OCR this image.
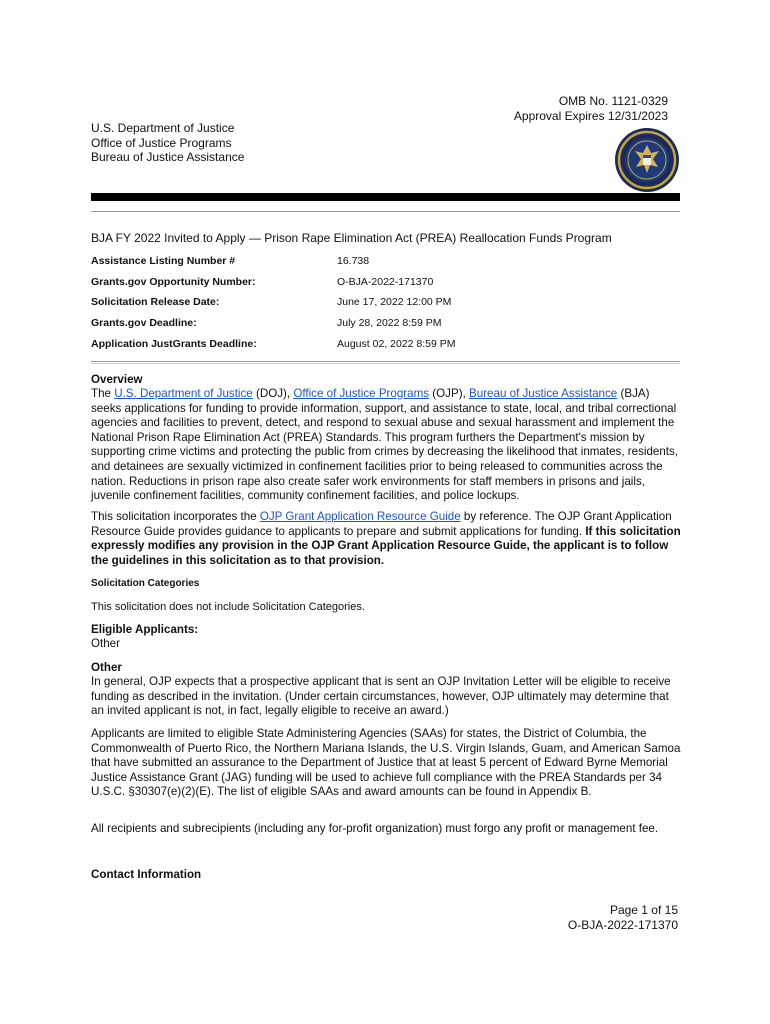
OMB No. 1121-0329
Approval Expires 12/31/2023
U.S. Department of Justice
Office of Justice Programs
Bureau of Justice Assistance
BJA FY 2022 Invited to Apply — Prison Rape Elimination Act (PREA) Reallocation Funds Program
Assistance Listing Number #	16.738
Grants.gov Opportunity Number:	O-BJA-2022-171370
Solicitation Release Date:	June 17, 2022 12:00 PM
Grants.gov Deadline:	July 28, 2022 8:59 PM
Application JustGrants Deadline:	August 02, 2022 8:59 PM
Overview
The U.S. Department of Justice (DOJ), Office of Justice Programs (OJP), Bureau of Justice Assistance (BJA) seeks applications for funding to provide information, support, and assistance to state, local, and tribal correctional agencies and facilities to prevent, detect, and respond to sexual abuse and sexual harassment and implement the National Prison Rape Elimination Act (PREA) Standards. This program furthers the Department's mission by supporting crime victims and protecting the public from crimes by decreasing the likelihood that inmates, residents, and detainees are sexually victimized in confinement facilities prior to being released to communities across the nation. Reductions in prison rape also create safer work environments for staff members in prisons and jails, juvenile confinement facilities, community confinement facilities, and police lockups.
This solicitation incorporates the OJP Grant Application Resource Guide by reference. The OJP Grant Application Resource Guide provides guidance to applicants to prepare and submit applications for funding. If this solicitation expressly modifies any provision in the OJP Grant Application Resource Guide, the applicant is to follow the guidelines in this solicitation as to that provision.
Solicitation Categories
This solicitation does not include Solicitation Categories.
Eligible Applicants:
Other
Other
In general, OJP expects that a prospective applicant that is sent an OJP Invitation Letter will be eligible to receive funding as described in the invitation. (Under certain circumstances, however, OJP ultimately may determine that an invited applicant is not, in fact, legally eligible to receive an award.)
Applicants are limited to eligible State Administering Agencies (SAAs) for states, the District of Columbia, the Commonwealth of Puerto Rico, the Northern Mariana Islands, the U.S. Virgin Islands, Guam, and American Samoa that have submitted an assurance to the Department of Justice that at least 5 percent of Edward Byrne Memorial Justice Assistance Grant (JAG) funding will be used to achieve full compliance with the PREA Standards per 34 U.S.C. §30307(e)(2)(E). The list of eligible SAAs and award amounts can be found in Appendix B.
All recipients and subrecipients (including any for-profit organization) must forgo any profit or management fee.
Contact Information
Page 1 of 15
O-BJA-2022-171370
